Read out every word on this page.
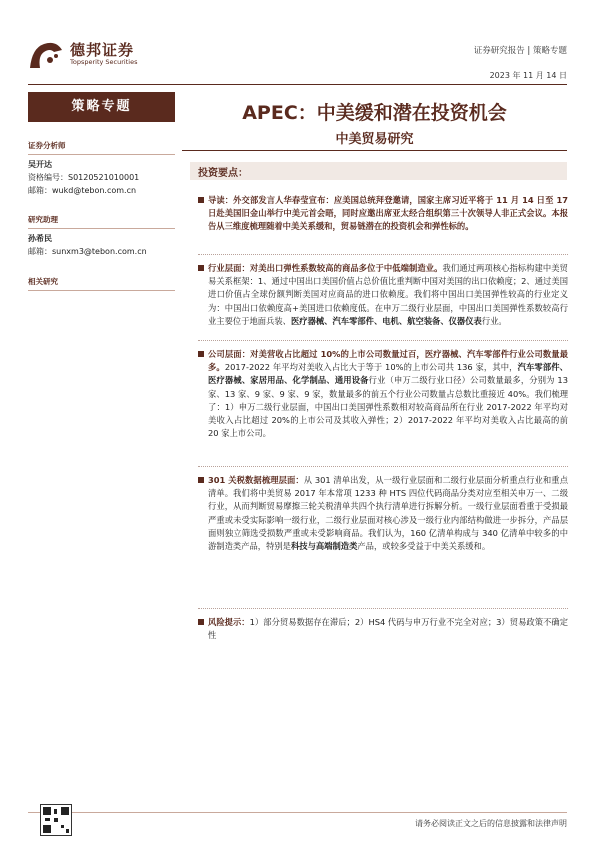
德邦证券
Topsperity Securities
证券研究报告 | 策略专题
2023 年 11 月 14 日
策略专题
证券分析师
吴开达
资格编号：S0120521010001
邮箱：wukd@tebon.com.cn
研究助理
孙希民
邮箱：sunxm3@tebon.com.cn
相关研究
APEC：中美缓和潜在投资机会
中美贸易研究
投资要点：
导读：外交部发言人华春莹宣布：应美国总统拜登邀请，国家主席习近平将于 11 月 14 日至 17 日赴美国旧金山举行中美元首会晤，同时应邀出席亚太经合组织第三十次领导人非正式会议。本报告从三维度梳理随着中美关系缓和，贸易链潜在的投资机会和弹性标的。
行业层面：对美出口弹性系数较高的商品多位于中低端制造业。我们通过两项核心指标构建中美贸易关系框架：1、通过中国出口美国价值占总价值比重判断中国对美国的出口依赖度；2、通过美国进口价值占全球份额判断美国对应商品的进口依赖度。我们将中国出口美国弹性较高的行业定义为：中国出口依赖度高+美国进口依赖度低。在申万二级行业层面，中国出口美国弹性系数较高行业主要位于地面兵装、医疗器械、汽车零部件、电机、航空装备、仪器仪表行业。
公司层面：对美营收占比超过 10%的上市公司数量过百，医疗器械、汽车零部件行业公司数量最多。2017-2022 年平均对美收入占比大于等于 10%的上市公司共 136 家，其中，汽车零部件、医疗器械、家居用品、化学制品、通用设备行业（申万二级行业口径）公司数量最多，分别为 13 家、13 家、9 家、9 家、9 家，数量最多的前五个行业公司数量占总数比重接近 40%。我们梳理了：1）申万二级行业层面，中国出口美国弹性系数相对较高商品所在行业 2017-2022 年平均对美收入占比超过 20%的上市公司及其收入弹性；2）2017-2022 年平均对美收入占比最高的前 20 家上市公司。
301 关税数据梳理层面：从 301 清单出发，从一级行业层面和二级行业层面分析重点行业和重点清单。我们将中美贸易 2017 年本常项 1233 种 HTS 四位代码商品分类对应至相关申万一、二级行业，从而判断贸易摩擦三轮关税清单共四个执行清单进行拆解分析。一级行业层面看重于受损最严重或未受实际影响一级行业，二级行业层面对核心涉及一级行业内部结构做进一步拆分，产品层面则独立筛选受损数严重或未受影响商品。我们认为，160 亿清单构成与 340 亿清单中较多的中游制造类产品，特别是科技与高端制造类产品，或较多受益于中美关系缓和。
风险提示：1）部分贸易数据存在滞后；2）HS4 代码与申万行业不完全对应；3）贸易政策不确定性
请务必阅读正文之后的信息披露和法律声明
